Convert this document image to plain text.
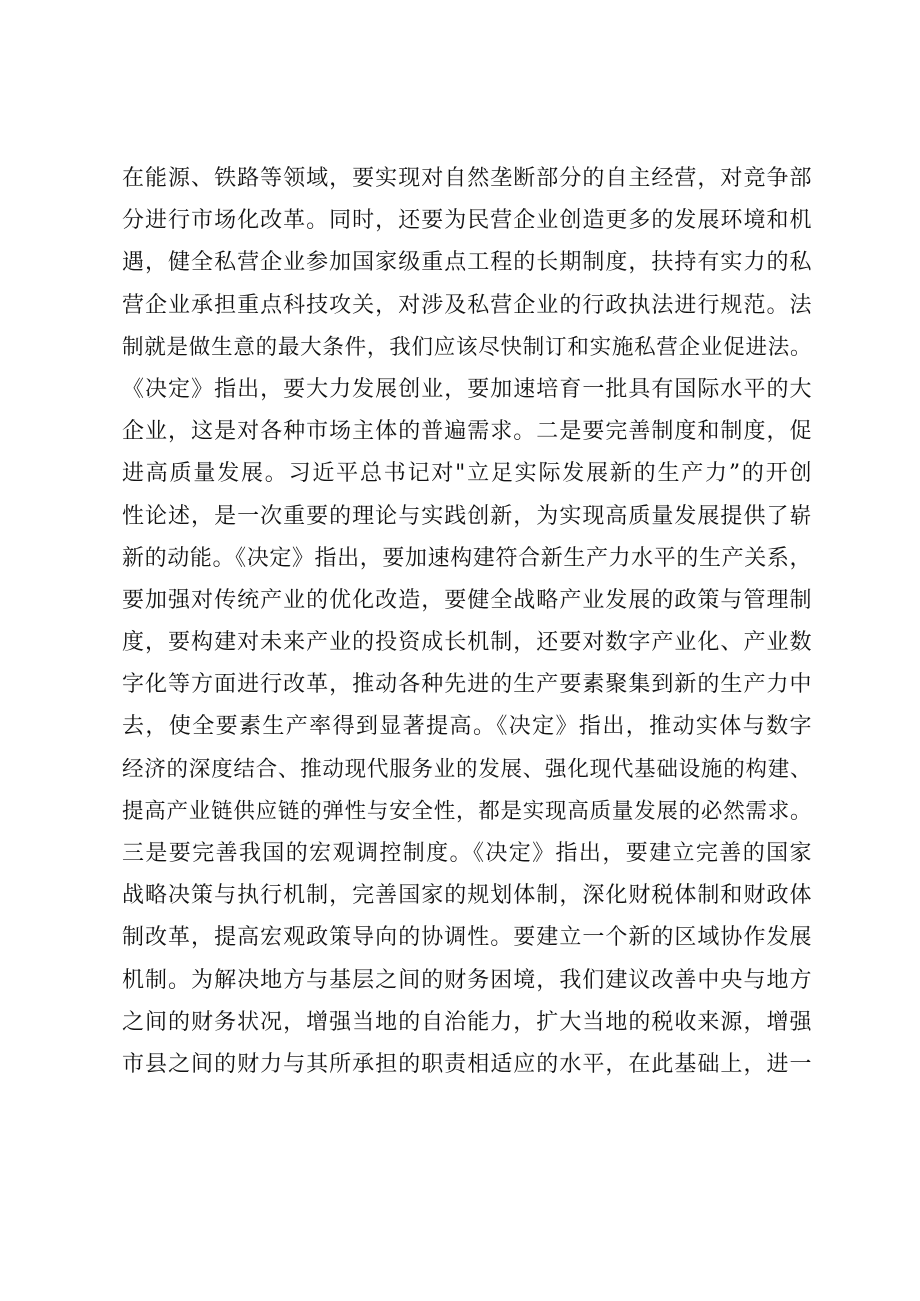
在能源、铁路等领域，要实现对自然垄断部分的自主经营，对竞争部
分进行市场化改革。同时，还要为民营企业创造更多的发展环境和机
遇，健全私营企业参加国家级重点工程的长期制度，扶持有实力的私
营企业承担重点科技攻关，对涉及私营企业的行政执法进行规范。法
制就是做生意的最大条件，我们应该尽快制订和实施私营企业促进法。
《决定》指出，要大力发展创业，要加速培育一批具有国际水平的大
企业，这是对各种市场主体的普遍需求。二是要完善制度和制度，促
进高质量发展。习近平总书记对"立足实际发展新的生产力”的开创
性论述，是一次重要的理论与实践创新，为实现高质量发展提供了崭
新的动能。《决定》指出，要加速构建符合新生产力水平的生产关系，
要加强对传统产业的优化改造，要健全战略产业发展的政策与管理制
度，要构建对未来产业的投资成长机制，还要对数字产业化、产业数
字化等方面进行改革，推动各种先进的生产要素聚集到新的生产力中
去，使全要素生产率得到显著提高。《决定》指出，推动实体与数字
经济的深度结合、推动现代服务业的发展、强化现代基础设施的构建、
提高产业链供应链的弹性与安全性，都是实现高质量发展的必然需求。
三是要完善我国的宏观调控制度。《决定》指出，要建立完善的国家
战略决策与执行机制，完善国家的规划体制，深化财税体制和财政体
制改革，提高宏观政策导向的协调性。要建立一个新的区域协作发展
机制。为解决地方与基层之间的财务困境，我们建议改善中央与地方
之间的财务状况，增强当地的自治能力，扩大当地的税收来源，增强
市县之间的财力与其所承担的职责相适应的水平，在此基础上，进一
